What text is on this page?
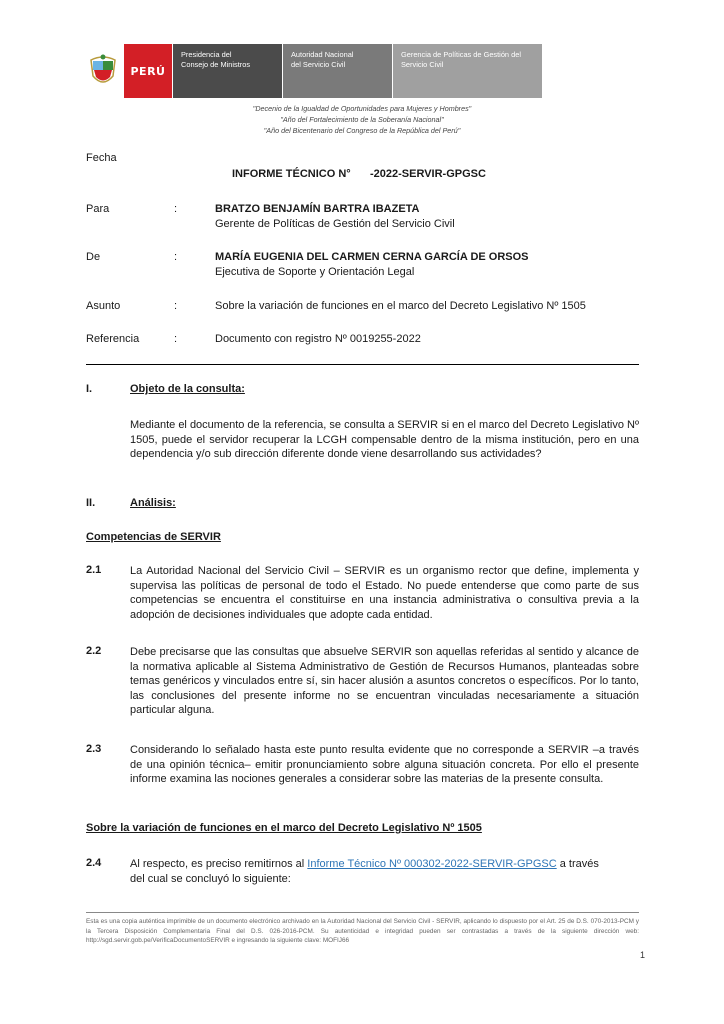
PERÚ
Presidencia del
Consejo de Ministros
Autoridad Nacional
del Servicio Civil
Gerencia de Políticas de Gestión del
Servicio Civil
"Decenio de la Igualdad de Oportunidades para Mujeres y Hombres"
"Año del Fortalecimiento de la Soberanía Nacional"
"Año del Bicentenario del Congreso de la República del Perú"
Fecha
INFORME TÉCNICO N° -2022-SERVIR-GPGSC
Para	:	BRATZO BENJAMÍN BARTRA IBAZETA
Gerente de Políticas de Gestión del Servicio Civil
De	:	MARÍA EUGENIA DEL CARMEN CERNA GARCÍA DE ORSOS
Ejecutiva de Soporte y Orientación Legal
Asunto	:	Sobre la variación de funciones en el marco del Decreto Legislativo Nº 1505
Referencia	:	Documento con registro Nº 0019255-2022
I.	Objeto de la consulta:
Mediante el documento de la referencia, se consulta a SERVIR si en el marco del Decreto Legislativo Nº 1505, puede el servidor recuperar la LCGH compensable dentro de la misma institución, pero en una dependencia y/o sub dirección diferente donde viene desarrollando sus actividades?
II.	Análisis:
Competencias de SERVIR
2.1	La Autoridad Nacional del Servicio Civil – SERVIR es un organismo rector que define, implementa y supervisa las políticas de personal de todo el Estado. No puede entenderse que como parte de sus competencias se encuentra el constituirse en una instancia administrativa o consultiva previa a la adopción de decisiones individuales que adopte cada entidad.
2.2	Debe precisarse que las consultas que absuelve SERVIR son aquellas referidas al sentido y alcance de la normativa aplicable al Sistema Administrativo de Gestión de Recursos Humanos, planteadas sobre temas genéricos y vinculados entre sí, sin hacer alusión a asuntos concretos o específicos. Por lo tanto, las conclusiones del presente informe no se encuentran vinculadas necesariamente a situación particular alguna.
2.3	Considerando lo señalado hasta este punto resulta evidente que no corresponde a SERVIR –a través de una opinión técnica– emitir pronunciamiento sobre alguna situación concreta. Por ello el presente informe examina las nociones generales a considerar sobre las materias de la presente consulta.
Sobre la variación de funciones en el marco del Decreto Legislativo Nº 1505
2.4	Al respecto, es preciso remitirnos al Informe Técnico Nº 000302-2022-SERVIR-GPGSC a través
del cual se concluyó lo siguiente:
Esta es una copia auténtica imprimible de un documento electrónico archivado en la Autoridad Nacional del Servicio Civil - SERVIR, aplicando lo dispuesto por el Art. 25 de D.S. 070-2013-PCM y la Tercera Disposición Complementaria Final del D.S. 026-2016-PCM. Su autenticidad e integridad pueden ser contrastadas a través de la siguiente dirección web: http://sgd.servir.gob.pe/VerificaDocumentoSERVIR e ingresando la siguiente clave: MOFIJ66
1
